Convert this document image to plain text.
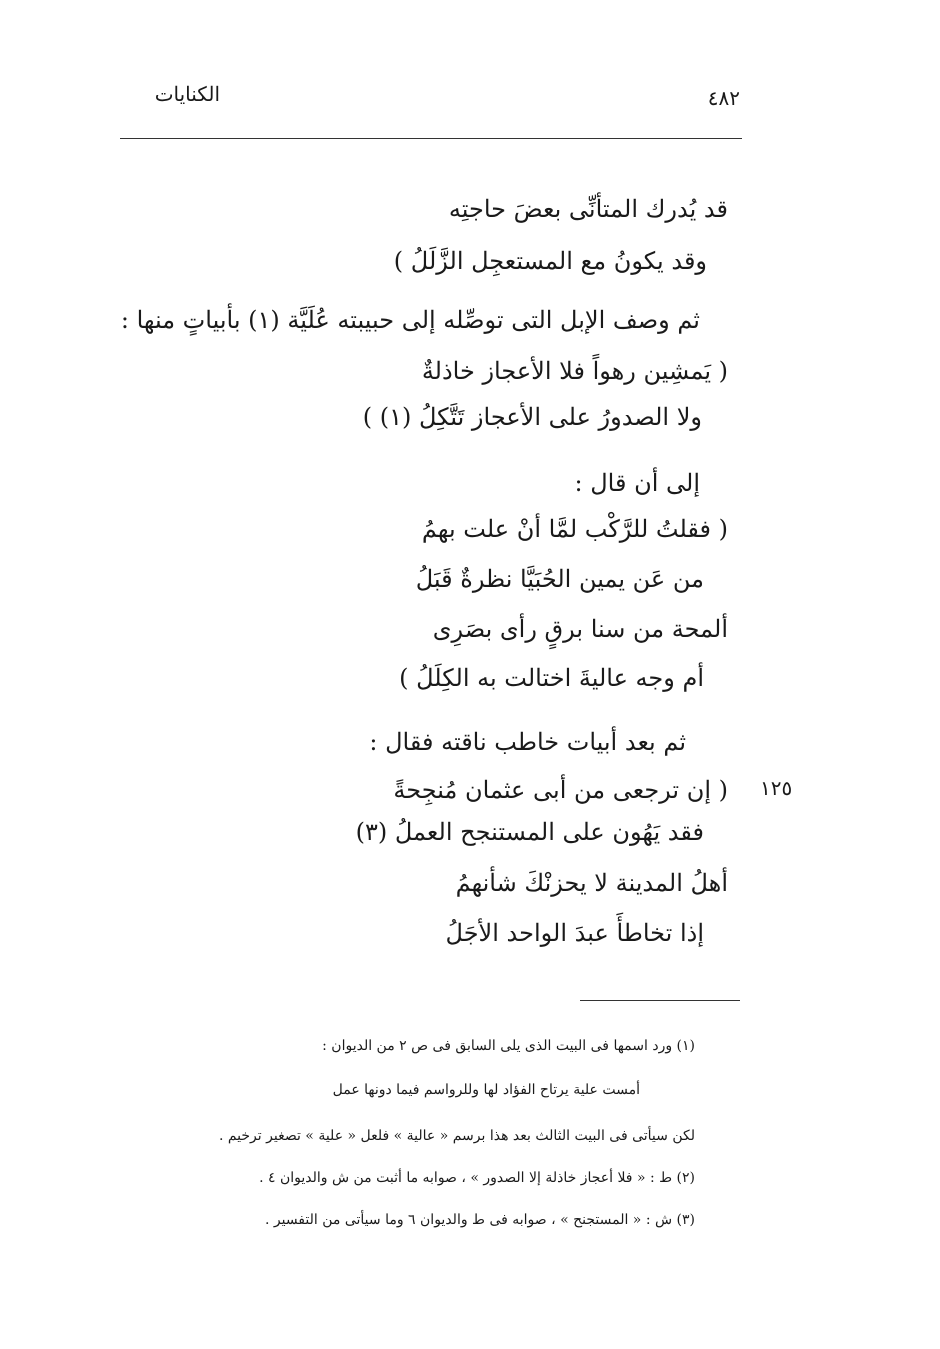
الكنايات	٤٨٢
قد يُدرك المتأنِّى بعضَ حاجتِه
وقد يكونُ مع المستعجِل الزَّلَلُ )
ثم وصف الإبل التى توصِّله إلى حبيبته عُلَيَّة (١) بأبياتٍ منها :
( يَمشِين رهواً فلا الأعجاز خاذلةٌ
ولا الصدورُ على الأعجاز تَتَّكِلُ (١) )
إلى أن قال :
( فقلتُ للرَّكْب لمَّا أنْ علت بهمُ
من عَن يمين الحُبَيَّا نظرةٌ قَبَلُ
ألمحة من سنا برقٍ رأى بصَرِى
أم وجه عاليةَ اختالت به الكِلَلُ )
ثم بعد أبيات خاطب ناقته فقال :
١٢٥
( إن ترجعى من أبى عثمان مُنجِحةً
فقد يَهُون على المستنجح العملُ (٣)
أهلُ المدينة لا يحزنْكَ شأنهمُ
إذا تخاطأَ عبدَ الواحد الأجَلُ
(١) ورد اسمها فى البيت الذى يلى السابق فى ص ٢ من الديوان :
أمست علية يرتاح الفؤاد لها وللرواسم فيما دونها عمل
لكن سيأتى فى البيت الثالث بعد هذا برسم « عالية » فلعل « علية » تصغير ترخيم .
(٢) ط : « فلا أعجاز خاذلة إلا الصدور » ، صوابه ما أثبت من ش والديوان ٤ .
(٣) ش : « المستجنح » ، صوابه فى ط والديوان ٦ وما سيأتى من التفسير .
